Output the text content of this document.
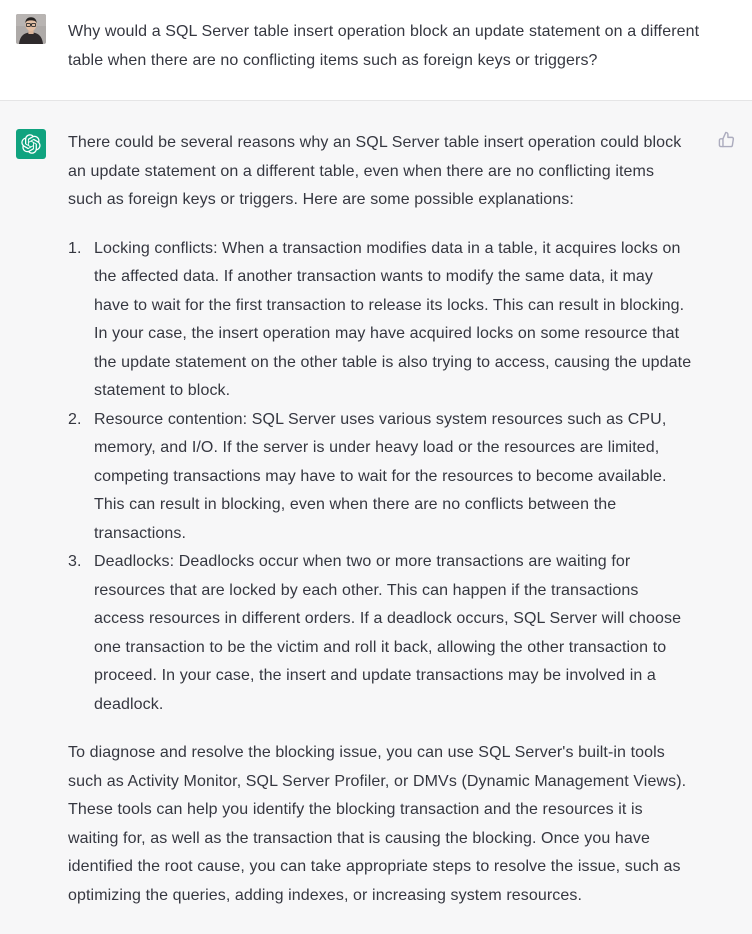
Why would a SQL Server table insert operation block an update statement on a different table when there are no conflicting items such as foreign keys or triggers?

There could be several reasons why an SQL Server table insert operation could block an update statement on a different table, even when there are no conflicting items such as foreign keys or triggers. Here are some possible explanations:

1. Locking conflicts: When a transaction modifies data in a table, it acquires locks on the affected data. If another transaction wants to modify the same data, it may have to wait for the first transaction to release its locks. This can result in blocking. In your case, the insert operation may have acquired locks on some resource that the update statement on the other table is also trying to access, causing the update statement to block.
2. Resource contention: SQL Server uses various system resources such as CPU, memory, and I/O. If the server is under heavy load or the resources are limited, competing transactions may have to wait for the resources to become available. This can result in blocking, even when there are no conflicts between the transactions.
3. Deadlocks: Deadlocks occur when two or more transactions are waiting for resources that are locked by each other. This can happen if the transactions access resources in different orders. If a deadlock occurs, SQL Server will choose one transaction to be the victim and roll it back, allowing the other transaction to proceed. In your case, the insert and update transactions may be involved in a deadlock.

To diagnose and resolve the blocking issue, you can use SQL Server's built-in tools such as Activity Monitor, SQL Server Profiler, or DMVs (Dynamic Management Views). These tools can help you identify the blocking transaction and the resources it is waiting for, as well as the transaction that is causing the blocking. Once you have identified the root cause, you can take appropriate steps to resolve the issue, such as optimizing the queries, adding indexes, or increasing system resources.
